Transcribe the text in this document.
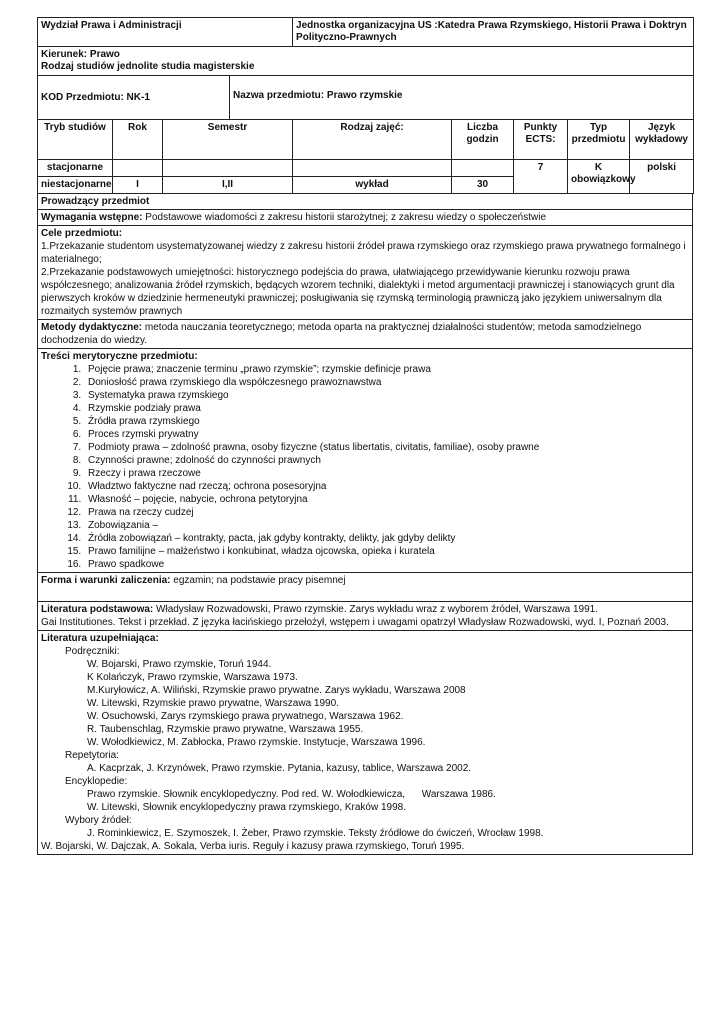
Wydział Prawa i Administracji				Jednostka organizacyjna US :Katedra Prawa Rzymskiego, Historii Prawa i Doktryn Polityczno-Prawnych				

Kierunek: Prawo
Rodzaj studiów jednolite studia magisterskie								

KOD Przedmiotu: NK-1			Nazwa przedmiotu: Prawo rzymskie					
Tryb studiów	Rok	Semestr		Rodzaj zajęć:	Liczba godzin	Punkty ECTS:	Typ przedmiotu	Język wykładowy
stacjonarne						7	K obowiązkowy	polski
niestacjonarne	I	I,II		wykład	30			
Prowadzący przedmiot
Wymagania wstępne: Podstawowe wiadomości z zakresu historii starożytnej; z zakresu wiedzy o społeczeństwie
Cele przedmiotu:
1.Przekazanie studentom usystematyzowanej wiedzy z zakresu historii źródeł prawa rzymskiego oraz rzymskiego prawa prywatnego formalnego i materialnego;
2.Przekazanie podstawowych umiejętności: historycznego podejścia do prawa, ułatwiającego przewidywanie kierunku rozwoju prawa współczesnego; analizowania źródeł rzymskich, będących wzorem techniki, dialektyki i metod argumentacji prawniczej i stanowiących grunt dla pierwszych kroków w dziedzinie hermeneutyki prawniczej; posługiwania się rzymską terminologią prawniczą jako językiem uniwersalnym dla rozmaitych systemów prawnych
Metody dydaktyczne: metoda nauczania teoretycznego; metoda oparta na praktycznej działalności studentów; metoda samodzielnego dochodzenia do wiedzy.
Treści merytoryczne przedmiotu:
1. Pojęcie prawa; znaczenie terminu „prawo rzymskie”; rzymskie definicje prawa
2. Doniosłość prawa rzymskiego dla współczesnego prawoznawstwa
3. Systematyka prawa rzymskiego
4. Rzymskie podziały prawa
5. Źródła prawa rzymskiego
6. Proces rzymski prywatny
7. Podmioty prawa – zdolność prawna, osoby fizyczne (status libertatis, civitatis, familiae), osoby prawne
8. Czynności prawne; zdolność do czynności prawnych
9. Rzeczy i prawa rzeczowe
10. Władztwo faktyczne nad rzeczą; ochrona posesoryjna
11. Własność – pojęcie, nabycie, ochrona petytoryjna
12. Prawa na rzeczy cudzej
13. Zobowiązania –
14. Źródła zobowiązań – kontrakty, pacta, jak gdyby kontrakty, delikty, jak gdyby delikty
15. Prawo familijne – małżeństwo i konkubinat, władza ojcowska, opieka i kuratela
16. Prawo spadkowe
Forma i warunki zaliczenia: egzamin; na podstawie pracy pisemnej
Literatura podstawowa: Władysław Rozwadowski, Prawo rzymskie. Zarys wykładu wraz z wyborem źródeł, Warszawa 1991.
Gai Institutiones. Tekst i przekład. Z języka łacińskiego przełożył, wstępem i uwagami opatrzył Władysław Rozwadowski, wyd. I, Poznań 2003.
Literatura uzupełniająca:
Podręczniki:
W. Bojarski, Prawo rzymskie, Toruń 1944.
K Kolańczyk, Prawo rzymskie, Warszawa 1973.
M.Kuryłowicz, A. Wiliński, Rzymskie prawo prywatne. Zarys wykładu, Warszawa 2008
W. Litewski, Rzymskie prawo prywatne, Warszawa 1990.
W. Osuchowski, Zarys rzymskiego prawa prywatnego, Warszawa 1962.
R. Taubenschlag, Rzymskie prawo prywatne, Warszawa 1955.
W. Wołodkiewicz, M. Zabłocka, Prawo rzymskie. Instytucje, Warszawa 1996.
Repetytoria:
A. Kacprzak, J. Krzynówek, Prawo rzymskie. Pytania, kazusy, tablice, Warszawa 2002.
Encyklopedie:
Prawo rzymskie. Słownik encyklopedyczny. Pod red. W. Wołodkiewicza,      Warszawa 1986.
W. Litewski, Słownik encyklopedyczny prawa rzymskiego, Kraków 1998.
Wybory źródeł:
J. Rominkiewicz, E. Szymoszek, I. Żeber, Prawo rzymskie. Teksty źródłowe do ćwiczeń, Wrocław 1998.
W. Bojarski, W. Dajczak, A. Sokala, Verba iuris. Reguły i kazusy prawa rzymskiego, Toruń 1995.
